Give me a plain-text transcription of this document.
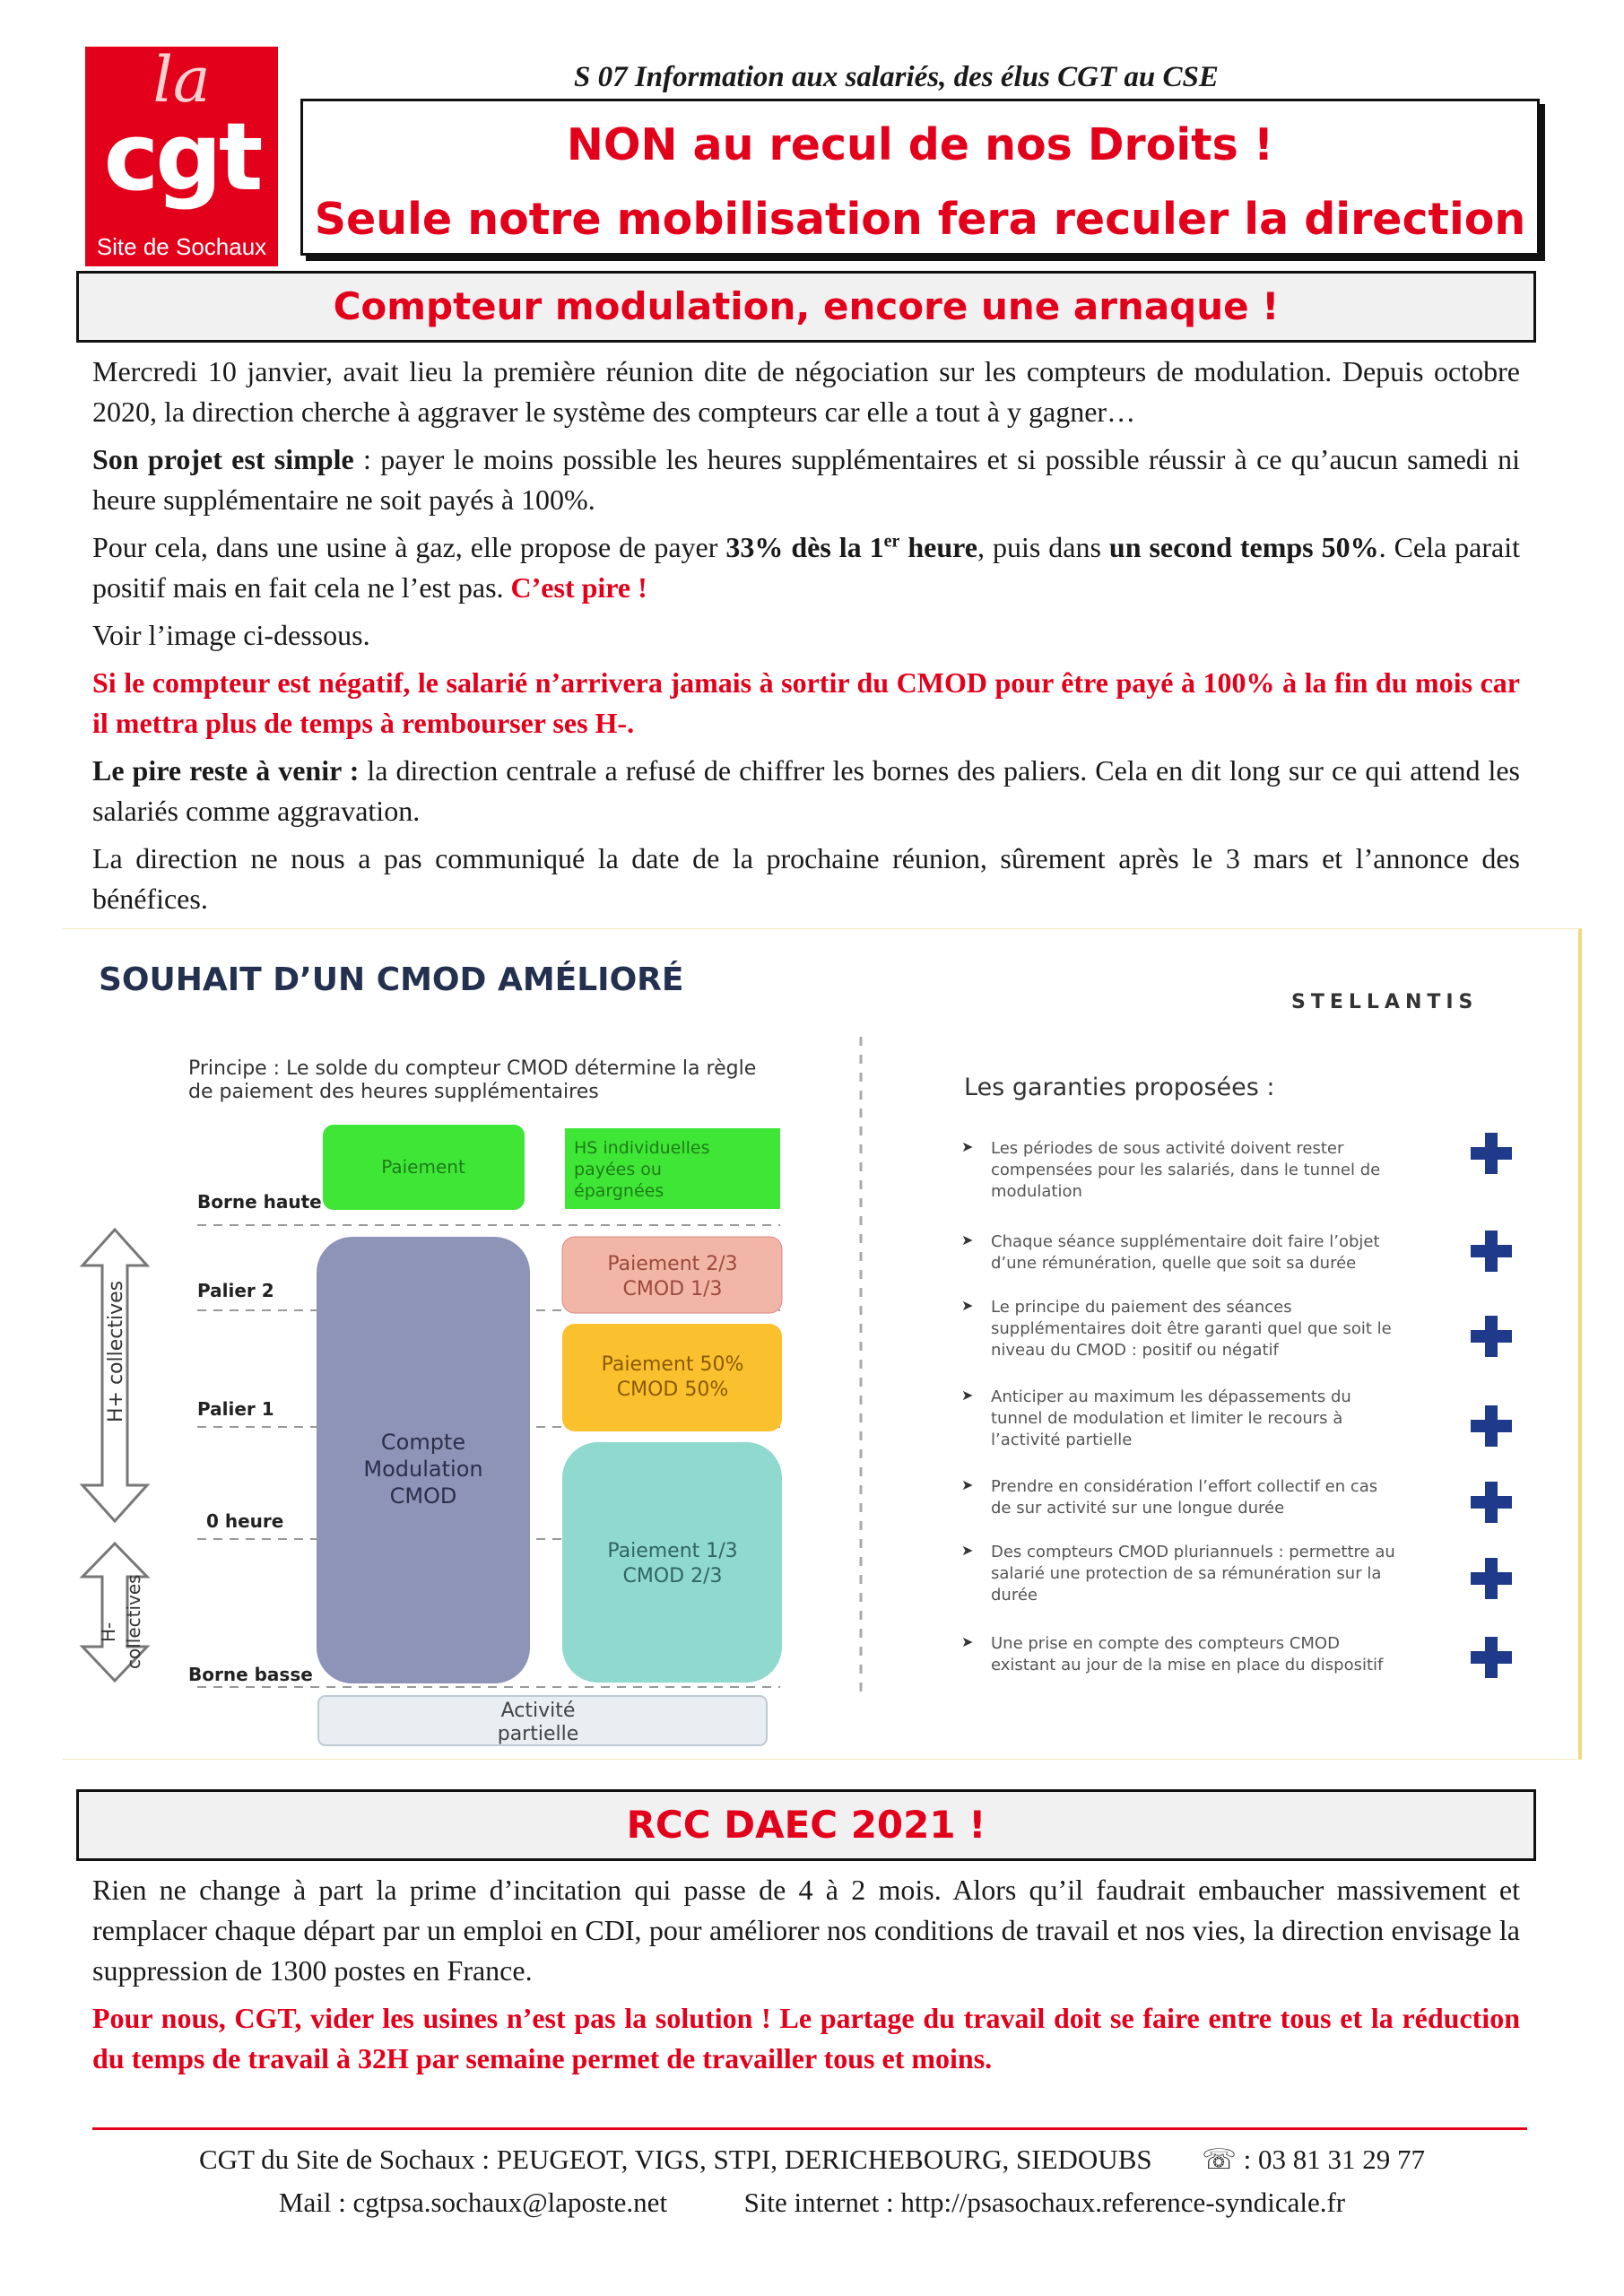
la
cgt
Site de Sochaux
S 07 Information aux salariés, des élus CGT au CSE
NON au recul de nos Droits !
Seule notre mobilisation fera reculer la direction
Compteur modulation, encore une arnaque !

Mercredi 10 janvier, avait lieu la première réunion dite de négociation sur les compteurs de modulation. Depuis octobre 2020, la direction cherche à aggraver le système des compteurs car elle a tout à y gagner…

Son projet est simple : payer le moins possible les heures supplémentaires et si possible réussir à ce qu’aucun samedi ni heure supplémentaire ne soit payés à 100%.

Pour cela, dans une usine à gaz, elle propose de payer 33% dès la 1er heure, puis dans un second temps 50%. Cela parait positif mais en fait cela ne l’est pas. C’est pire !

Voir l’image ci-dessous.

Si le compteur est négatif, le salarié n’arrivera jamais à sortir du CMOD pour être payé à 100% à la fin du mois car il mettra plus de temps à rembourser ses H-.

Le pire reste à venir : la direction centrale a refusé de chiffrer les bornes des paliers. Cela en dit long sur ce qui attend les salariés comme aggravation.

La direction ne nous a pas communiqué la date de la prochaine réunion, sûrement après le 3 mars et l’annonce des bénéfices.

SOUHAIT D’UN CMOD AMÉLIORÉ
STELLANTIS
Principe : Le solde du compteur CMOD détermine la règle
de paiement des heures supplémentaires
Borne haute
Palier 2
Palier 1
0 heure
Borne basse
H+ collectives
H- collectives
Paiement
HS individuelles
payées ou
épargnées
Compte
Modulation
CMOD
Paiement 2/3
CMOD 1/3
Paiement 50%
CMOD 50%
Paiement 1/3
CMOD 2/3
Activité
partielle
Les garanties proposées :
➤ Les périodes de sous activité doivent rester
compensées pour les salariés, dans le tunnel de
modulation
➤ Chaque séance supplémentaire doit faire l’objet
d’une rémunération, quelle que soit sa durée
➤ Le principe du paiement des séances
supplémentaires doit être garanti quel que soit le
niveau du CMOD : positif ou négatif
➤ Anticiper au maximum les dépassements du
tunnel de modulation et limiter le recours à
l’activité partielle
➤ Prendre en considération l’effort collectif en cas
de sur activité sur une longue durée
➤ Des compteurs CMOD pluriannuels : permettre au
salarié une protection de sa rémunération sur la
durée
➤ Une prise en compte des compteurs CMOD
existant au jour de la mise en place du dispositif
RCC DAEC 2021 !

Rien ne change à part la prime d’incitation qui passe de 4 à 2 mois. Alors qu’il faudrait embaucher massivement et remplacer chaque départ par un emploi en CDI, pour améliorer nos conditions de travail et nos vies, la direction envisage la suppression de 1300 postes en France.

Pour nous, CGT, vider les usines n’est pas la solution ! Le partage du travail doit se faire entre tous et la réduction du temps de travail à 32H par semaine permet de travailler tous et moins.

CGT du Site de Sochaux : PEUGEOT, VIGS, STPI, DERICHEBOURG, SIEDOUBS ☏ : 03 81 31 29 77
Mail : cgtpsa.sochaux@laposte.net	Site internet : http://psasochaux.reference-syndicale.fr
